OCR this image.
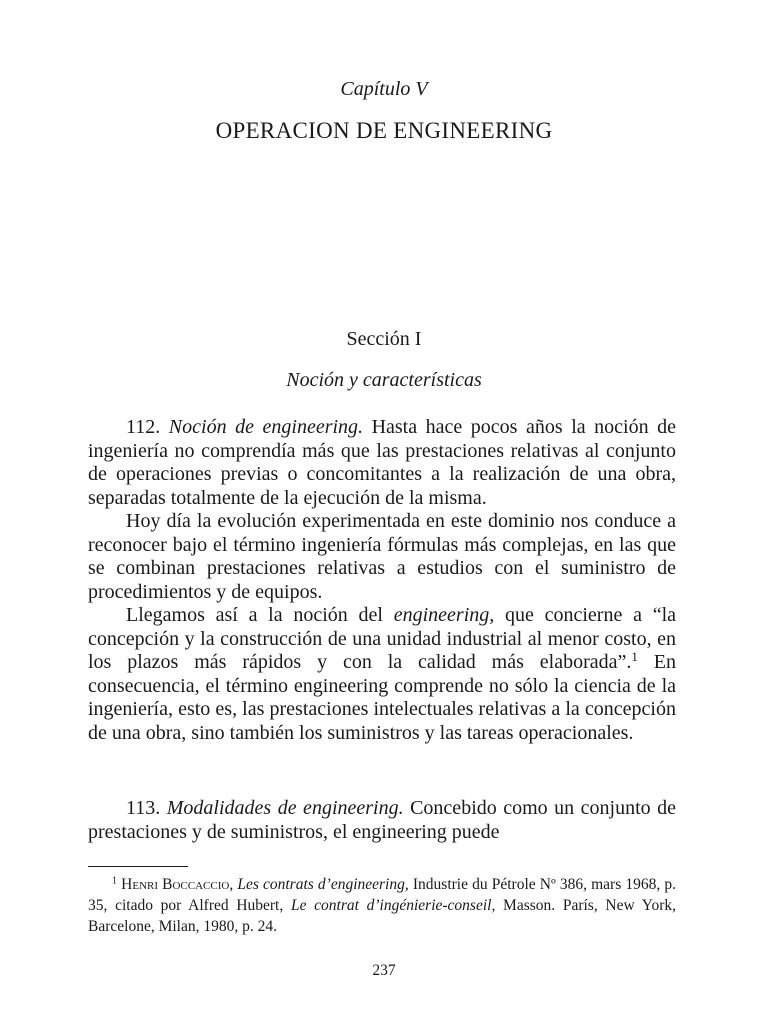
Capítulo V
OPERACION DE ENGINEERING
Sección I
Noción y características

112. Noción de engineering. Hasta hace pocos años la noción de ingeniería no comprendía más que las prestaciones relativas al conjunto de operaciones previas o concomitantes a la realización de una obra, separadas totalmente de la ejecución de la misma.

Hoy día la evolución experimentada en este dominio nos conduce a reconocer bajo el término ingeniería fórmulas más complejas, en las que se combinan prestaciones relativas a estudios con el suministro de procedimientos y de equipos.

Llegamos así a la noción del engineering, que concierne a “la concepción y la construcción de una unidad industrial al menor costo, en los plazos más rápidos y con la calidad más elaborada”.$^1$ En consecuencia, el término engineering comprende no sólo la ciencia de la ingeniería, esto es, las prestaciones intelectuales relativas a la concepción de una obra, sino también los suministros y las tareas operacionales.

113. Modalidades de engineering. Concebido como un conjunto de prestaciones y de suministros, el engineering puede

$^1$ Henri Boccaccio, Les contrats d’engineering, Industrie du Pétrole Nº 386, mars 1968, p. 35, citado por Alfred Hubert, Le contrat d’ingénierie-conseil, Masson. París, New York, Barcelone, Milan, 1980, p. 24.
237
